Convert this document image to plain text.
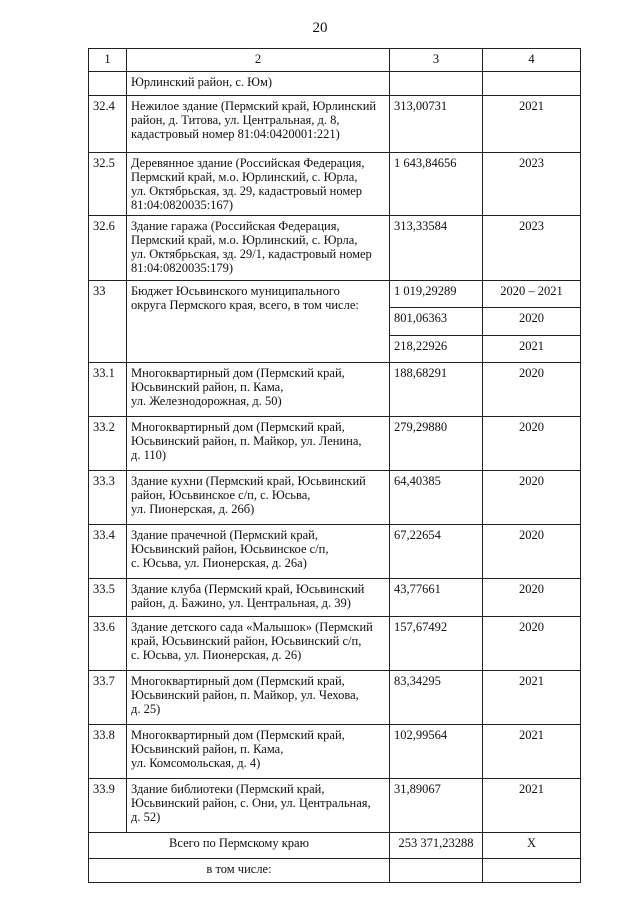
20
1	2	3	4

	Юрлинский район, с. Юм)		

32.4	Нежилое здание (Пермский край, Юрлинский
район, д. Титова, ул. Центральная, д. 8,
кадастровый номер 81:04:0420001:221)	313,00731	2021
32.5	Деревянное здание (Российская Федерация,
Пермский край, м.о. Юрлинский, с. Юрла,
ул. Октябрьская, зд. 29, кадастровый номер
81:04:0820035:167)	1 643,84656	2023
32.6	Здание гаража (Российская Федерация,
Пермский край, м.о. Юрлинский, с. Юрла,
ул. Октябрьская, зд. 29/1, кадастровый номер
81:04:0820035:179)	313,33584	2023
33	Бюджет Юсьвинского муниципального
округа Пермского края, всего, в том числе:	1 019,29289	2020 – 2021
		801,06363	2020
		218,22926	2021
33.1	Многоквартирный дом (Пермский край,
Юсьвинский район, п. Кама,
ул. Железнодорожная, д. 50)	188,68291	2020
33.2	Многоквартирный дом (Пермский край,
Юсьвинский район, п. Майкор, ул. Ленина,
д. 110)	279,29880	2020
33.3	Здание кухни (Пермский край, Юсьвинский
район, Юсьвинское с/п, с. Юсьва,
ул. Пионерская, д. 26б)	64,40385	2020
33.4	Здание прачечной (Пермский край,
Юсьвинский район, Юсьвинское с/п,
с. Юсьва, ул. Пионерская, д. 26а)	67,22654	2020
33.5	Здание клуба (Пермский край, Юсьвинский
район, д. Бажино, ул. Центральная, д. 39)	43,77661	2020
33.6	Здание детского сада «Малышок» (Пермский
край, Юсьвинский район, Юсьвинский с/п,
с. Юсьва, ул. Пионерская, д. 26)	157,67492	2020
33.7	Многоквартирный дом (Пермский край,
Юсьвинский район, п. Майкор, ул. Чехова,
д. 25)	83,34295	2021
33.8	Многоквартирный дом (Пермский край,
Юсьвинский район, п. Кама,
ул. Комсомольская, д. 4)	102,99564	2021
33.9	Здание библиотеки (Пермский край,
Юсьвинский район, с. Они, ул. Центральная,
д. 52)	31,89067	2021
Всего по Пермскому краю		253 371,23288	X
в том числе:			
